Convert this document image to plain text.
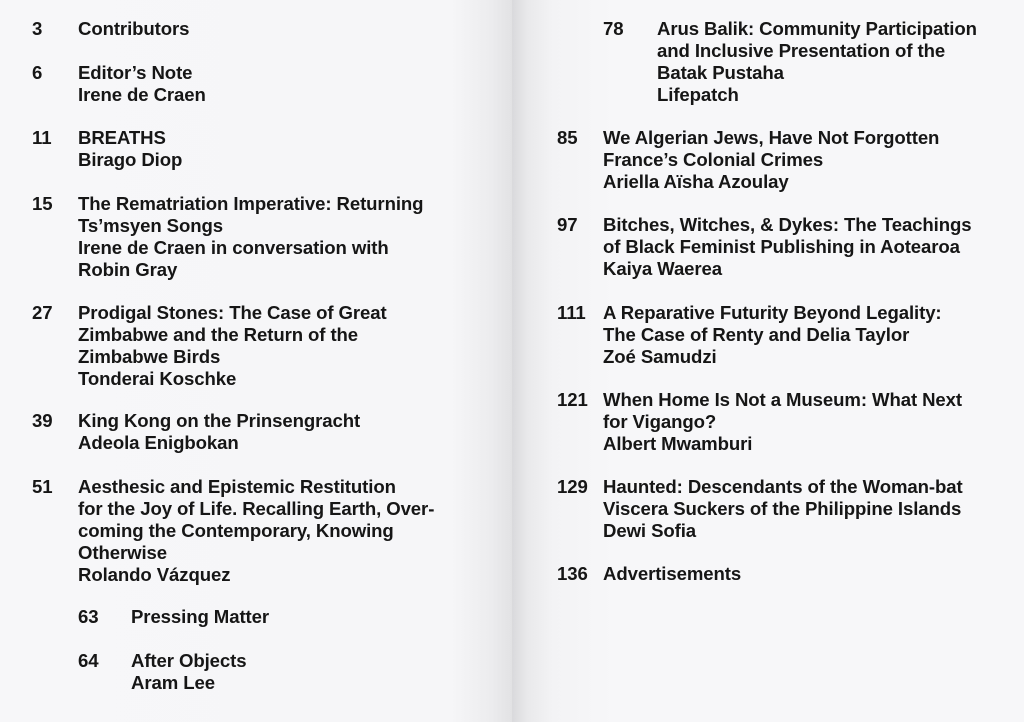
3 Contributors
6 Editor’s Note
Irene de Craen
11 BREATHS
Birago Diop
15 The Rematriation Imperative: Returning
Ts’msyen Songs
Irene de Craen in conversation with
Robin Gray
27 Prodigal Stones: The Case of Great
Zimbabwe and the Return of the
Zimbabwe Birds
Tonderai Koschke
39 King Kong on the Prinsengracht
Adeola Enigbokan
51 Aesthesic and Epistemic Restitution
for the Joy of Life. Recalling Earth, Over-
coming the Contemporary, Knowing
Otherwise
Rolando Vázquez
63 Pressing Matter
64 After Objects
Aram Lee
78 Arus Balik: Community Participation
and Inclusive Presentation of the
Batak Pustaha
Lifepatch
85 We Algerian Jews, Have Not Forgotten
France’s Colonial Crimes
Ariella Aïsha Azoulay
97 Bitches, Witches, & Dykes: The Teachings
of Black Feminist Publishing in Aotearoa
Kaiya Waerea
111 A Reparative Futurity Beyond Legality:
The Case of Renty and Delia Taylor
Zoé Samudzi
121 When Home Is Not a Museum: What Next
for Vigango?
Albert Mwamburi
129 Haunted: Descendants of the Woman-bat
Viscera Suckers of the Philippine Islands
Dewi Sofia
136 Advertisements
